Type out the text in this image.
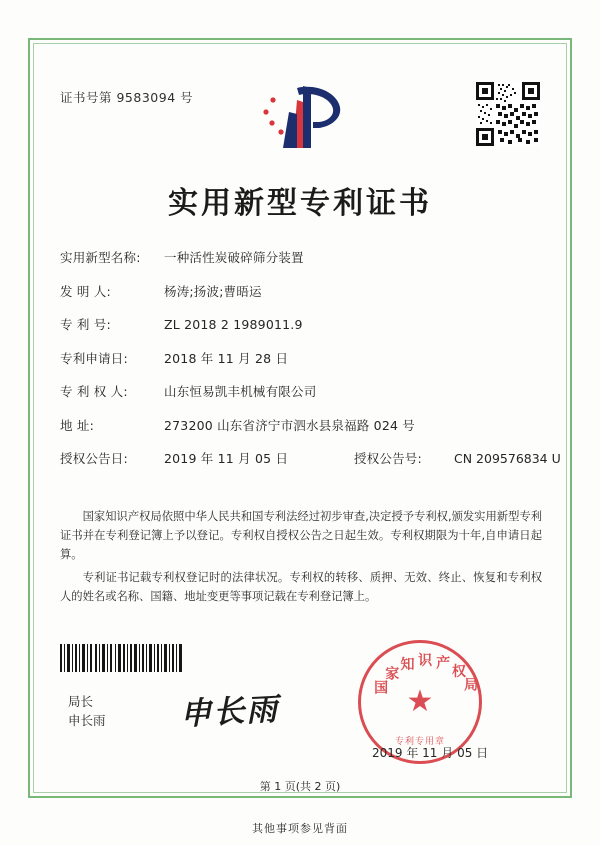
证书号第 9583094 号
实用新型专利证书
实用新型名称:	一种活性炭破碎筛分装置
发 明 人:	杨涛;扬波;曹晤运
专 利 号:	ZL 2018 2 1989011.9
专利申请日:	2018 年 11 月 28 日
专 利 权 人:	山东恒易凯丰机械有限公司
地 址:	273200 山东省济宁市泗水县泉福路 024 号
授权公告日:	2019 年 11 月 05 日	授权公告号:	CN 209576834 U

国家知识产权局依照中华人民共和国专利法经过初步审查,决定授予专利权,颁发实用新型专利证书并在专利登记簿上予以登记。专利权自授权公告之日起生效。专利权期限为十年,自申请日起算。

专利证书记载专利权登记时的法律状况。专利权的转移、质押、无效、终止、恢复和专利权人的姓名或名称、国籍、地址变更等事项记载在专利登记簿上。

局长
申长雨 申长雨
国
家
知 识 产
权
局
★
专利专用章
2019 年 11 月 05 日
第 1 页(共 2 页)
其他事项参见背面
